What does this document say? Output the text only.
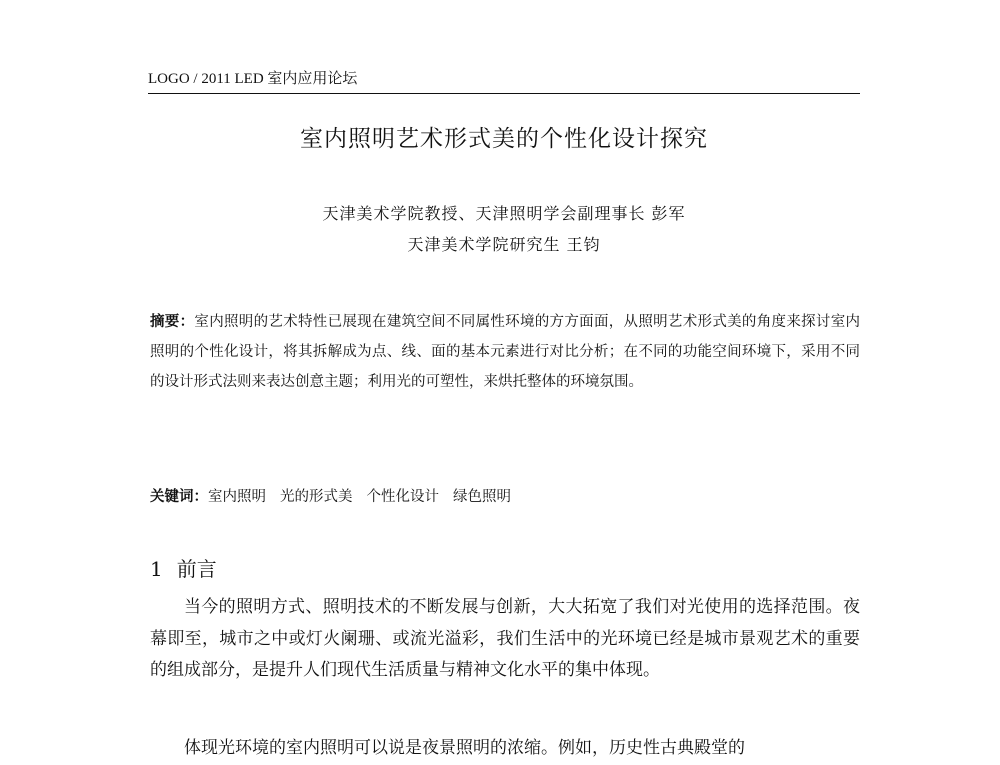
LOGO / 2011 LED 室内应用论坛
室内照明艺术形式美的个性化设计探究
天津美术学院教授、天津照明学会副理事长 彭军
天津美术学院研究生 王钧

摘要：室内照明的艺术特性已展现在建筑空间不同属性环境的方方面面，从照明艺术形式美的角度来探讨室内照明的个性化设计，将其拆解成为点、线、面的基本元素进行对比分析；在不同的功能空间环境下，采用不同的设计形式法则来表达创意主题；利用光的可塑性，来烘托整体的环境氛围。

关键词：室内照明 光的形式美 个性化设计 绿色照明
1 前言

当今的照明方式、照明技术的不断发展与创新，大大拓宽了我们对光使用的选择范围。夜幕即至，城市之中或灯火阑珊、或流光溢彩，我们生活中的光环境已经是城市景观艺术的重要的组成部分，是提升人们现代生活质量与精神文化水平的集中体现。

体现光环境的室内照明可以说是夜景照明的浓缩。例如，历史性古典殿堂的
